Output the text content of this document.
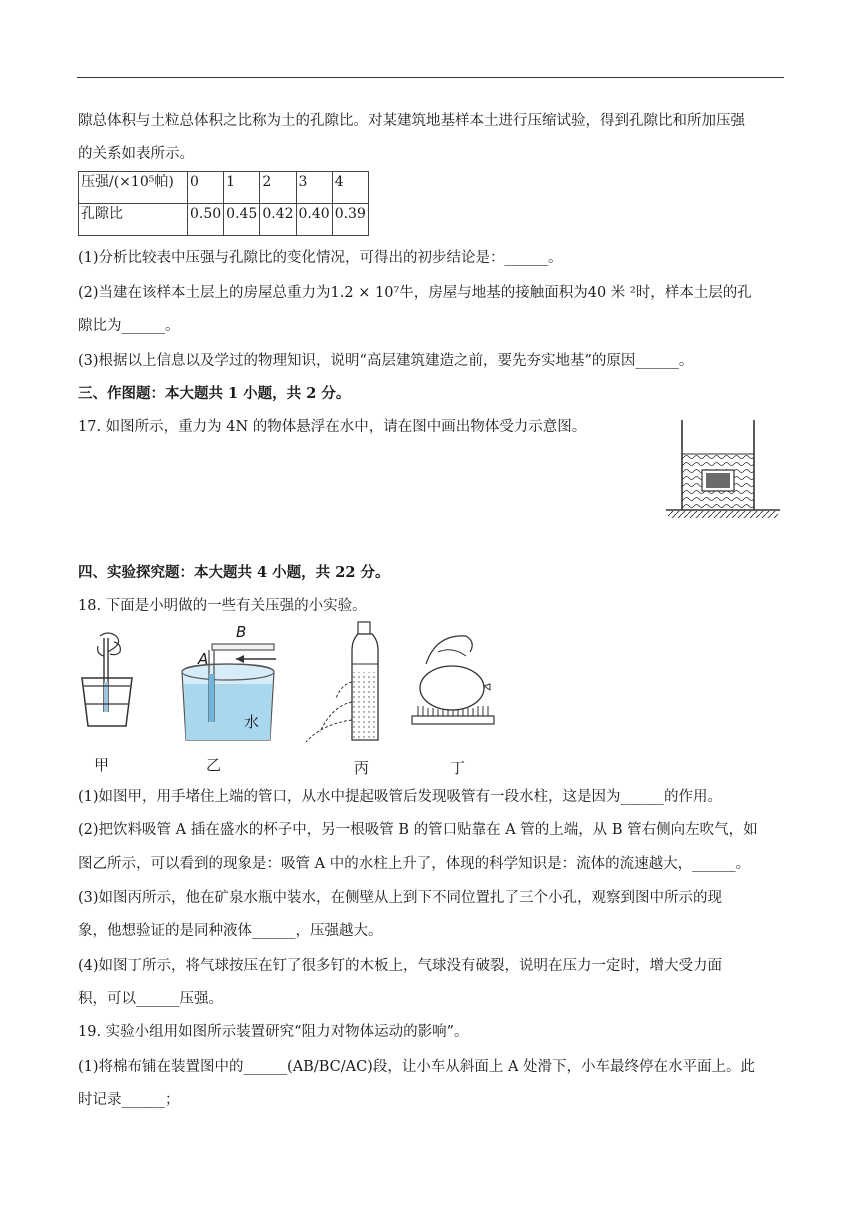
隙总体积与土粒总体积之比称为土的孔隙比。对某建筑地基样本土进行压缩试验，得到孔隙比和所加压强
的关系如表所示。
压强/(×10⁵帕)	0	1	2	3	4
孔隙比	0.50	0.45	0.42	0.40	0.39
(1)分析比较表中压强与孔隙比的变化情况，可得出的初步结论是：______。
(2)当建在该样本土层上的房屋总重力为1.2 × 10⁷牛，房屋与地基的接触面积为40 米 ²时，样本土层的孔
隙比为______。
(3)根据以上信息以及学过的物理知识，说明“高层建筑建造之前，要先夯实地基”的原因______。
三、作图题：本大题共 1 小题，共 2 分。
17. 如图所示，重力为 4N 的物体悬浮在水中，请在图中画出物体受力示意图。
四、实验探究题：本大题共 4 小题，共 22 分。
18. 下面是小明做的一些有关压强的小实验。
甲
B
A
水
乙	丙	丁
(1)如图甲，用手堵住上端的管口，从水中提起吸管后发现吸管有一段水柱，这是因为______的作用。
(2)把饮料吸管 A 插在盛水的杯子中，另一根吸管 B 的管口贴靠在 A 管的上端，从 B 管右侧向左吹气，如
图乙所示，可以看到的现象是：吸管 A 中的水柱上升了，体现的科学知识是：流体的流速越大，______。
(3)如图丙所示，他在矿泉水瓶中装水，在侧壁从上到下不同位置扎了三个小孔，观察到图中所示的现
象，他想验证的是同种液体______，压强越大。
(4)如图丁所示，将气球按压在钉了很多钉的木板上，气球没有破裂，说明在压力一定时，增大受力面
积，可以______压强。
19. 实验小组用如图所示装置研究“阻力对物体运动的影响”。
(1)将棉布铺在装置图中的______(AB/BC/AC)段，让小车从斜面上 A 处滑下，小车最终停在水平面上。此
时记录______；
